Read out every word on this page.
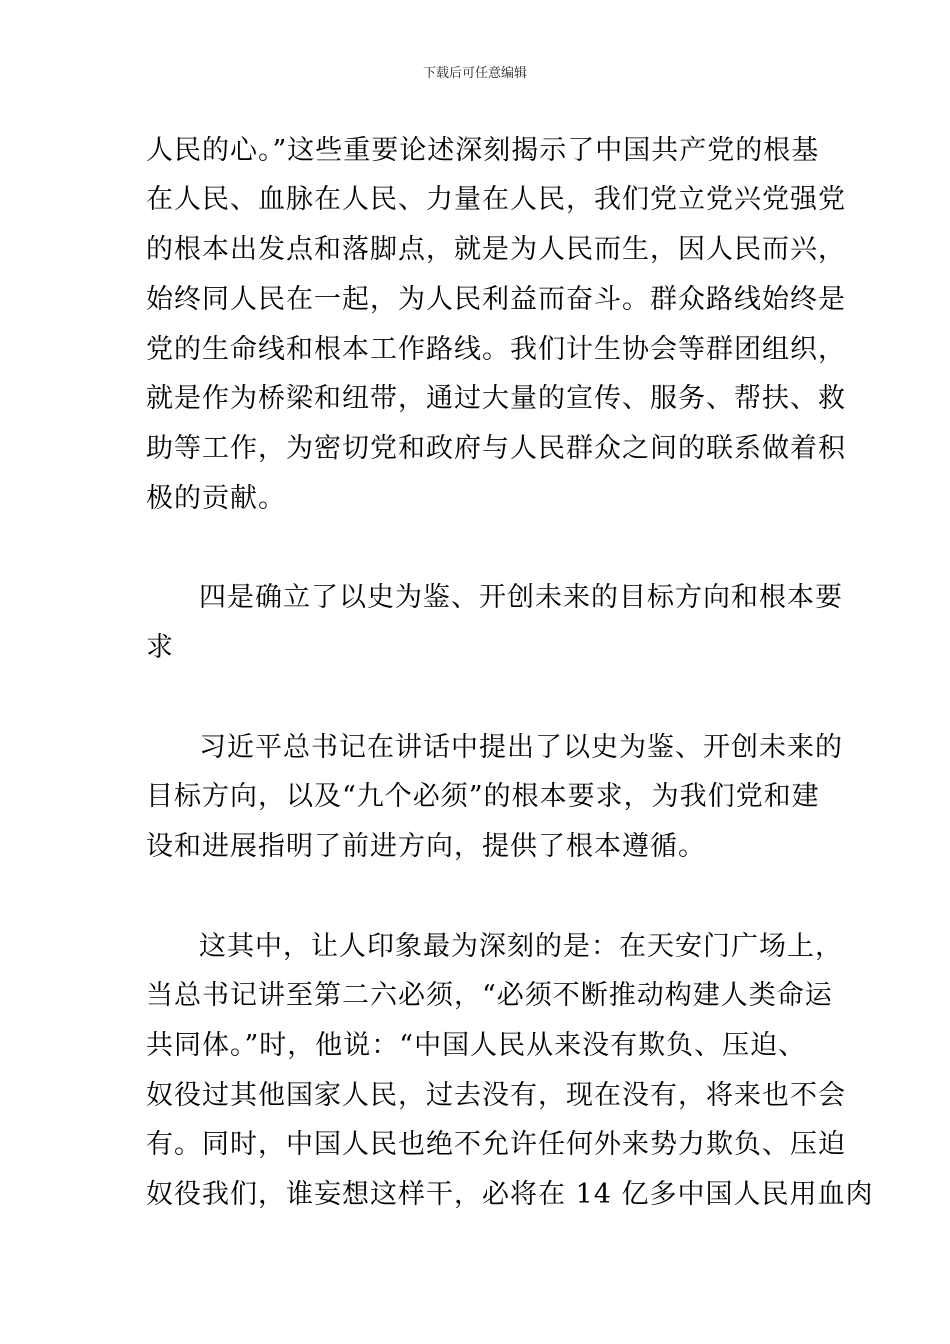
下载后可任意编辑
人民的心。”这些重要论述深刻揭示了中国共产党的根基
在人民、血脉在人民、力量在人民，我们党立党兴党强党
的根本出发点和落脚点，就是为人民而生，因人民而兴，
始终同人民在一起，为人民利益而奋斗。群众路线始终是
党的生命线和根本工作路线。我们计生协会等群团组织，
就是作为桥梁和纽带，通过大量的宣传、服务、帮扶、救
助等工作，为密切党和政府与人民群众之间的联系做着积
极的贡献。
四是确立了以史为鉴、开创未来的目标方向和根本要
求
习近平总书记在讲话中提出了以史为鉴、开创未来的
目标方向，以及“九个必须”的根本要求，为我们党和建
设和进展指明了前进方向，提供了根本遵循。
这其中，让人印象最为深刻的是：在天安门广场上，
当总书记讲至第二六必须，“必须不断推动构建人类命运
共同体。”时，他说：“中国人民从来没有欺负、压迫、
奴役过其他国家人民，过去没有，现在没有，将来也不会
有。同时，中国人民也绝不允许任何外来势力欺负、压迫
奴役我们，谁妄想这样干，必将在 14 亿多中国人民用血肉
